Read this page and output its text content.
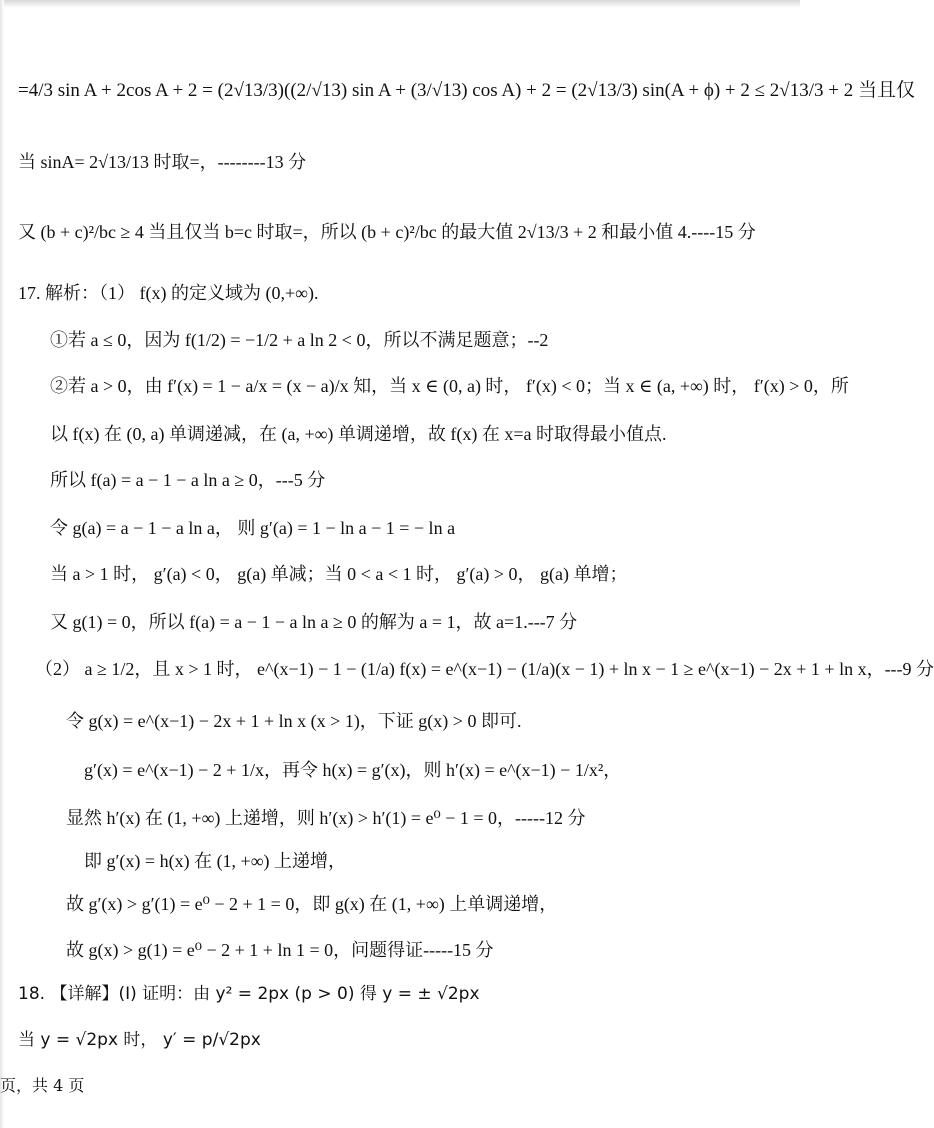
=4/3 sin A + 2cos A + 2 = (2√13/3)((2/√13) sin A + (3/√13) cos A) + 2 = (2√13/3) sin(A + ϕ) + 2 ≤ 2√13/3 + 2 当且仅
当 sinA= 2√13/13 时取=，--------13 分
又 (b + c)²/bc ≥ 4 当且仅当 b=c 时取=，所以 (b + c)²/bc 的最大值 2√13/3 + 2 和最小值 4.----15 分
17. 解析：（1） f(x) 的定义域为 (0,+∞).
①若 a ≤ 0，因为 f(1/2) = −1/2 + a ln 2 < 0，所以不满足题意；--2
②若 a > 0，由 f′(x) = 1 − a/x = (x − a)/x 知，当 x ∈ (0, a) 时， f′(x) < 0；当 x ∈ (a, +∞) 时， f′(x) > 0，所
以 f(x) 在 (0, a) 单调递减，在 (a, +∞) 单调递增，故 f(x) 在 x=a 时取得最小值点.
所以 f(a) = a − 1 − a ln a ≥ 0，---5 分
令 g(a) = a − 1 − a ln a， 则 g′(a) = 1 − ln a − 1 = − ln a
当 a > 1 时， g′(a) < 0， g(a) 单减；当 0 < a < 1 时， g′(a) > 0， g(a) 单增；
又 g(1) = 0，所以 f(a) = a − 1 − a ln a ≥ 0 的解为 a = 1，故 a=1.---7 分
（2） a ≥ 1/2，且 x > 1 时， e^(x−1) − 1 − (1/a) f(x) = e^(x−1) − (1/a)(x − 1) + ln x − 1 ≥ e^(x−1) − 2x + 1 + ln x，---9 分
令 g(x) = e^(x−1) − 2x + 1 + ln x (x > 1)，下证 g(x) > 0 即可.
g′(x) = e^(x−1) − 2 + 1/x，再令 h(x) = g′(x)，则 h′(x) = e^(x−1) − 1/x²，
显然 h′(x) 在 (1, +∞) 上递增，则 h′(x) > h′(1) = e⁰ − 1 = 0，-----12 分
即 g′(x) = h(x) 在 (1, +∞) 上递增，
故 g′(x) > g′(1) = e⁰ − 2 + 1 = 0，即 g(x) 在 (1, +∞) 上单调递增，
故 g(x) > g(1) = e⁰ − 2 + 1 + ln 1 = 0，问题得证-----15 分
18. 【详解】(I) 证明：由 y² = 2px (p > 0) 得 y = ± √2px
当 y = √2px 时， y′ = p/√2px
页，共 4 页
